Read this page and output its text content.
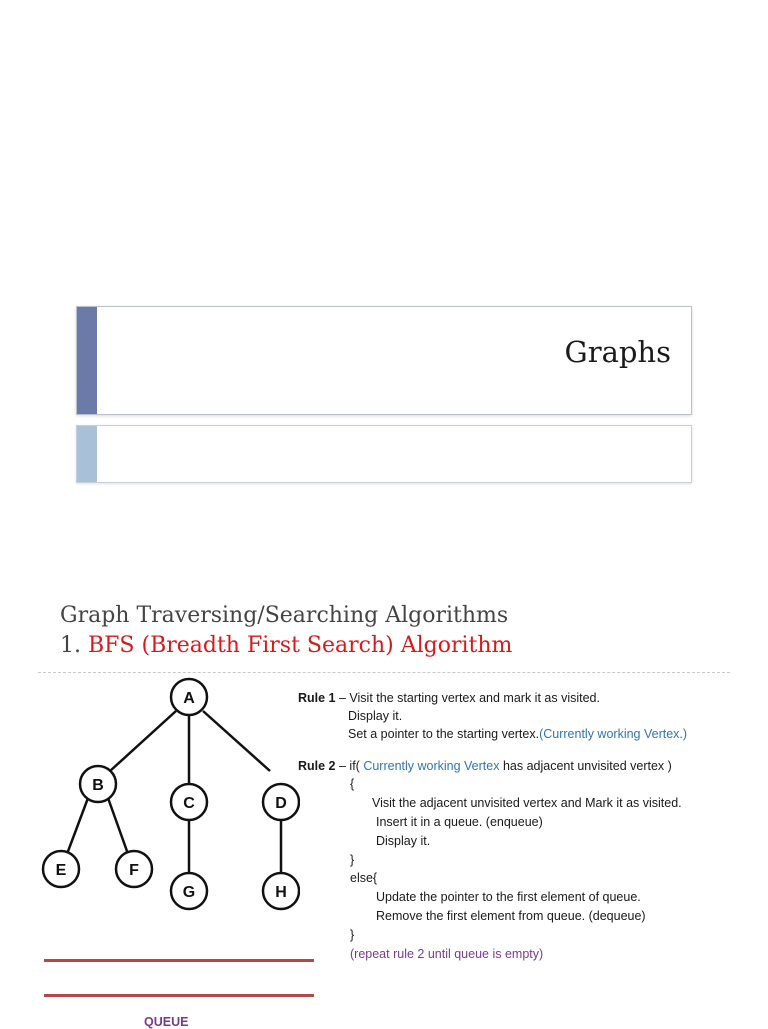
Graphs
Graph Traversing/Searching Algorithms
1. BFS (Breadth First Search) Algorithm
A
B
C	D
E	F
G	H
Rule 1 – Visit the starting vertex and mark it as visited.
Display it.
Set a pointer to the starting vertex.(Currently working Vertex.)
Rule 2 – if( Currently working Vertex has adjacent unvisited vertex )
{
Visit the adjacent unvisited vertex and Mark it as visited.
Insert it in a queue. (enqueue)
Display it.
}
else{
Update the pointer to the first element of queue.
Remove the first element from queue. (dequeue)
}
(repeat rule 2 until queue is empty)
QUEUE
